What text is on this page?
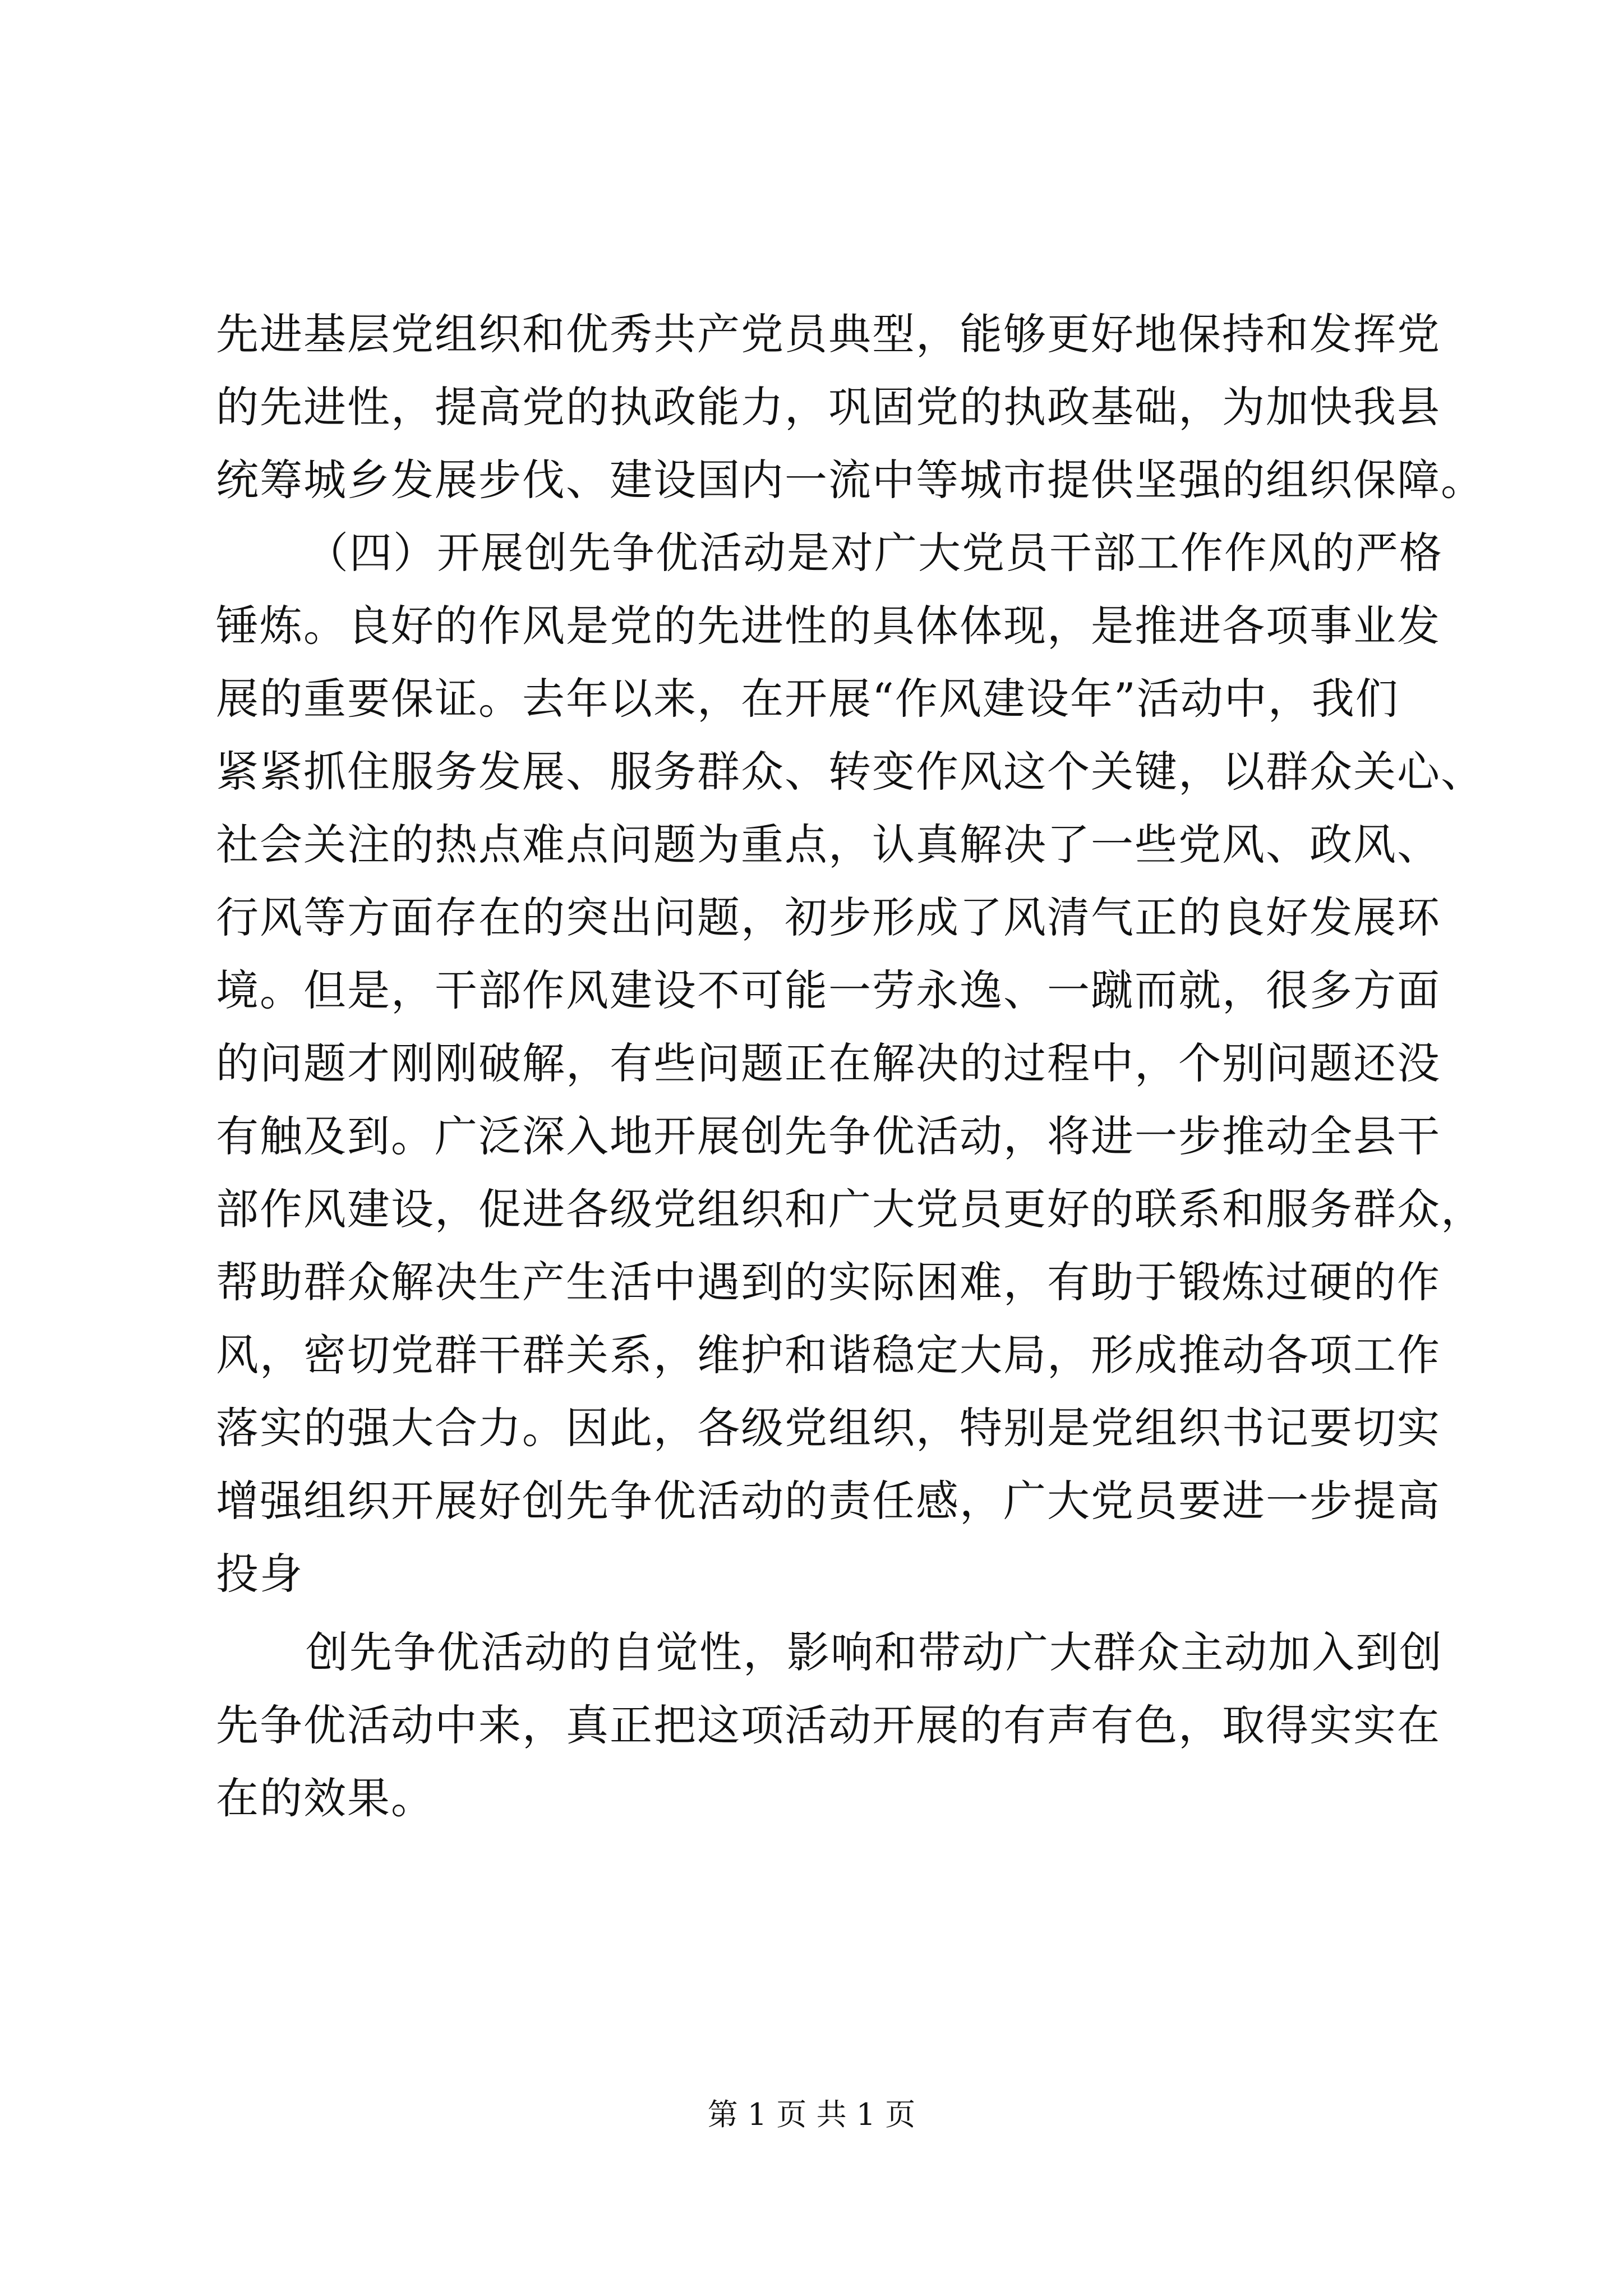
先进基层党组织和优秀共产党员典型，能够更好地保持和发挥党
的先进性，提高党的执政能力，巩固党的执政基础，为加快我县
统筹城乡发展步伐、建设国内一流中等城市提供坚强的组织保障。
（四）开展创先争优活动是对广大党员干部工作作风的严格
锤炼。良好的作风是党的先进性的具体体现，是推进各项事业发
展的重要保证。去年以来，在开展“作风建设年”活动中，我们
紧紧抓住服务发展、服务群众、转变作风这个关键，以群众关心、
社会关注的热点难点问题为重点，认真解决了一些党风、政风、
行风等方面存在的突出问题，初步形成了风清气正的良好发展环
境。但是，干部作风建设不可能一劳永逸、一蹴而就，很多方面
的问题才刚刚破解，有些问题正在解决的过程中，个别问题还没
有触及到。广泛深入地开展创先争优活动，将进一步推动全县干
部作风建设，促进各级党组织和广大党员更好的联系和服务群众，
帮助群众解决生产生活中遇到的实际困难，有助于锻炼过硬的作
风，密切党群干群关系，维护和谐稳定大局，形成推动各项工作
落实的强大合力。因此，各级党组织，特别是党组织书记要切实
增强组织开展好创先争优活动的责任感，广大党员要进一步提高
投身
创先争优活动的自觉性，影响和带动广大群众主动加入到创
先争优活动中来，真正把这项活动开展的有声有色，取得实实在
在的效果。
第 1 页 共 1 页
